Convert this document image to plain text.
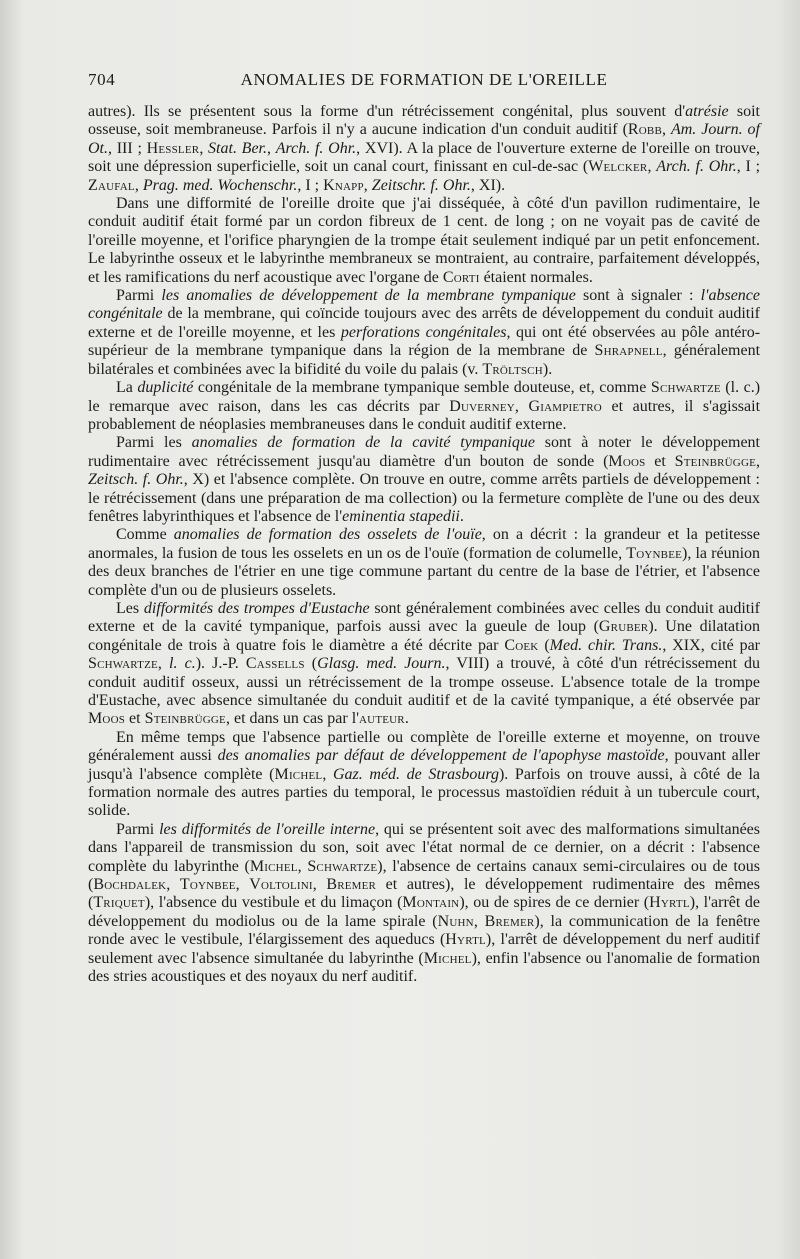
704	ANOMALIES DE FORMATION DE L'OREILLE

autres). Ils se présentent sous la forme d'un rétrécissement congénital, plus souvent d'atrésie soit osseuse, soit membraneuse. Parfois il n'y a aucune indication d'un conduit auditif (Robb, Am. Journ. of Ot., III ; Hessler, Stat. Ber., Arch. f. Ohr., XVI). A la place de l'ouverture externe de l'oreille on trouve, soit une dépression superficielle, soit un canal court, finissant en cul-de-sac (Welcker, Arch. f. Ohr., I ; Zaufal, Prag. med. Wochenschr., I ; Knapp, Zeitschr. f. Ohr., XI).

Dans une difformité de l'oreille droite que j'ai disséquée, à côté d'un pavillon rudimentaire, le conduit auditif était formé par un cordon fibreux de 1 cent. de long ; on ne voyait pas de cavité de l'oreille moyenne, et l'orifice pharyngien de la trompe était seulement indiqué par un petit enfoncement. Le labyrinthe osseux et le labyrinthe membraneux se montraient, au contraire, parfaitement développés, et les ramifications du nerf acoustique avec l'organe de Corti étaient normales.

Parmi les anomalies de développement de la membrane tympanique sont à signaler : l'absence congénitale de la membrane, qui coïncide toujours avec des arrêts de développement du conduit auditif externe et de l'oreille moyenne, et les perforations congénitales, qui ont été observées au pôle antéro-supérieur de la membrane tympanique dans la région de la membrane de Shrapnell, généralement bilatérales et combinées avec la bifidité du voile du palais (v. Tröltsch).

La duplicité congénitale de la membrane tympanique semble douteuse, et, comme Schwartze (l. c.) le remarque avec raison, dans les cas décrits par Duverney, Giampietro et autres, il s'agissait probablement de néoplasies membraneuses dans le conduit auditif externe.

Parmi les anomalies de formation de la cavité tympanique sont à noter le développement rudimentaire avec rétrécissement jusqu'au diamètre d'un bouton de sonde (Moos et Steinbrügge, Zeitsch. f. Ohr., X) et l'absence complète. On trouve en outre, comme arrêts partiels de développement : le rétrécissement (dans une préparation de ma collection) ou la fermeture complète de l'une ou des deux fenêtres labyrinthiques et l'absence de l'eminentia stapedii.

Comme anomalies de formation des osselets de l'ouïe, on a décrit : la grandeur et la petitesse anormales, la fusion de tous les osselets en un os de l'ouïe (formation de columelle, Toynbee), la réunion des deux branches de l'étrier en une tige commune partant du centre de la base de l'étrier, et l'absence complète d'un ou de plusieurs osselets.

Les difformités des trompes d'Eustache sont généralement combinées avec celles du conduit auditif externe et de la cavité tympanique, parfois aussi avec la gueule de loup (Gruber). Une dilatation congénitale de trois à quatre fois le diamètre a été décrite par Coek (Med. chir. Trans., XIX, cité par Schwartze, l. c.). J.-P. Cassells (Glasg. med. Journ., VIII) a trouvé, à côté d'un rétrécissement du conduit auditif osseux, aussi un rétrécissement de la trompe osseuse. L'absence totale de la trompe d'Eustache, avec absence simultanée du conduit auditif et de la cavité tympanique, a été observée par Moos et Steinbrügge, et dans un cas par l'auteur.

En même temps que l'absence partielle ou complète de l'oreille externe et moyenne, on trouve généralement aussi des anomalies par défaut de développement de l'apophyse mastoïde, pouvant aller jusqu'à l'absence complète (Michel, Gaz. méd. de Strasbourg). Parfois on trouve aussi, à côté de la formation normale des autres parties du temporal, le processus mastoïdien réduit à un tubercule court, solide.

Parmi les difformités de l'oreille interne, qui se présentent soit avec des malformations simultanées dans l'appareil de transmission du son, soit avec l'état normal de ce dernier, on a décrit : l'absence complète du labyrinthe (Michel, Schwartze), l'absence de certains canaux semi-circulaires ou de tous (Bochdalek, Toynbee, Voltolini, Bremer et autres), le développement rudimentaire des mêmes (Triquet), l'absence du vestibule et du limaçon (Montain), ou de spires de ce dernier (Hyrtl), l'arrêt de développement du modiolus ou de la lame spirale (Nuhn, Bremer), la communication de la fenêtre ronde avec le vestibule, l'élargissement des aqueducs (Hyrtl), l'arrêt de développement du nerf auditif seulement avec l'absence simultanée du labyrinthe (Michel), enfin l'absence ou l'anomalie de formation des stries acoustiques et des noyaux du nerf auditif.
